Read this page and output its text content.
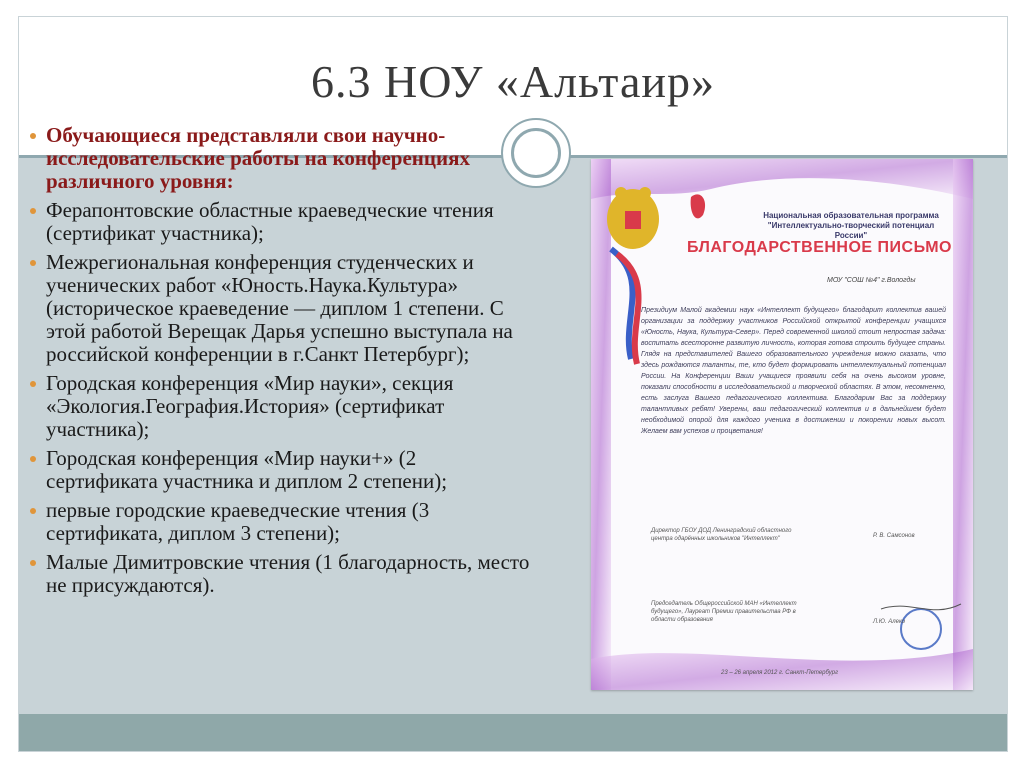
6.3 НОУ «Альтаир»
Обучающиеся представляли свои научно-исследовательские работы на конференциях различного уровня:
Ферапонтовские областные краеведческие чтения (сертификат участника);
Межрегиональная конференция студенческих и ученических работ «Юность.Наука.Культура» (историческое краеведение — диплом 1 степени. С этой работой Верещак Дарья успешно выступала на российской конференции в г.Санкт Петербург);
Городская конференция «Мир науки», секция «Экология.География.История» (сертификат участника);
Городская конференция «Мир науки+» (2 сертификата участника и диплом 2 степени);
первые городские краеведческие чтения (3 сертификата, диплом 3 степени);
Малые Димитровские чтения (1 благодарность, место не присуждаются).
Национальная образовательная программа "Интеллектуально-творческий потенциал России"
БЛАГОДАРСТВЕННОЕ ПИСЬМО
МОУ "СОШ №4" г.Вологды
Президиум Малой академии наук «Интеллект будущего» благодарит коллектив вашей организации за поддержку участников Российской открытой конференции учащихся «Юность, Наука, Культура-Север». Перед современной школой стоит непростая задача: воспитать всесторонне развитую личность, которая готова строить будущее страны. Глядя на представителей Вашего образовательного учреждения можно сказать, что здесь рождаются таланты, те, кто будет формировать интеллектуальный потенциал России. На Конференции Ваши учащиеся проявили себя на очень высоком уровне, показали способности в исследовательской и творческой областях. В этом, несомненно, есть заслуга Вашего педагогического коллектива. Благодарим Вас за поддержку талантливых ребят! Уверены, ваш педагогический коллектив и в дальнейшем будет необходимой опорой для каждого ученика в достижении и покорении новых высот. Желаем вам успехов и процветания!
Директор ГБОУ ДОД Ленинградский областного центра одарённых школьников "Интеллект"	Р. В. Самсонов
Председатель Общероссийской МАН «Интеллект будущего», Лауреат Премии правительства РФ в области образования	Л.Ю. Алеко
23 – 26 апреля 2012 г. Санкт-Петербург
